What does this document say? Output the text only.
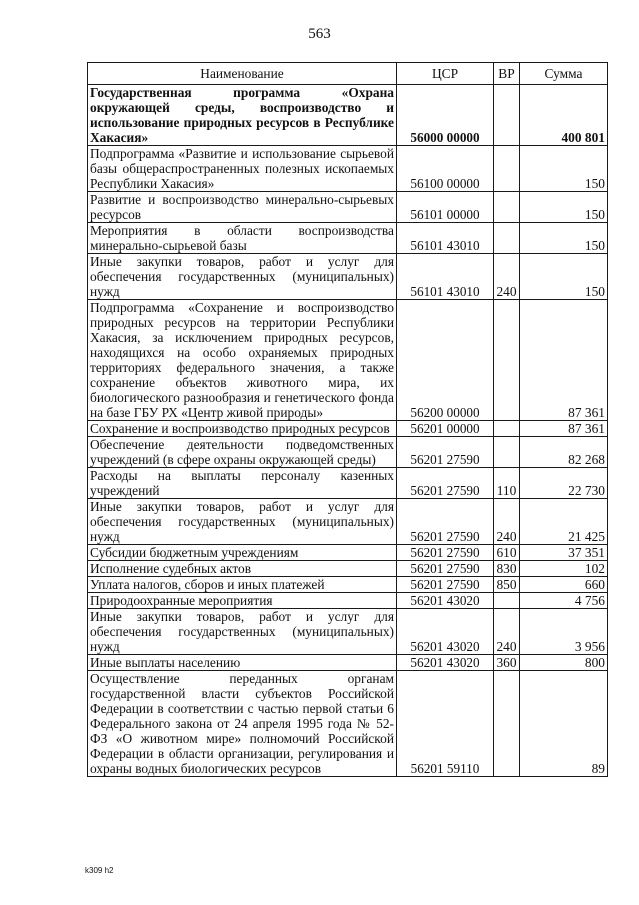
563
Наименование	ЦСР	ВР	Сумма
Государственная программа «Охрана окружающей среды, воспроизводство и использование природных ресурсов в Республике Хакасия»	56000 00000		400 801
Подпрограмма «Развитие и использование сырьевой базы общераспространенных полезных ископаемых Республики Хакасия»	56100 00000		150
Развитие и воспроизводство минерально-сырьевых ресурсов	56101 00000		150
Мероприятия в области воспроизводства минерально-сырьевой базы	56101 43010		150
Иные закупки товаров, работ и услуг для обеспечения государственных (муниципальных) нужд	56101 43010	240	150
Подпрограмма «Сохранение и воспроизводство природных ресурсов на территории Республики Хакасия, за исключением природных ресурсов, находящихся на особо охраняемых природных территориях федерального значения, а также сохранение объектов животного мира, их биологического разнообразия и генетического фонда на базе ГБУ РХ «Центр живой природы»	56200 00000		87 361
Сохранение и воспроизводство природных ресурсов	56201 00000		87 361
Обеспечение деятельности подведомственных учреждений (в сфере охраны окружающей среды)	56201 27590		82 268
Расходы на выплаты персоналу казенных учреждений	56201 27590	110	22 730
Иные закупки товаров, работ и услуг для обеспечения государственных (муниципальных) нужд	56201 27590	240	21 425
Субсидии бюджетным учреждениям	56201 27590	610	37 351
Исполнение судебных актов	56201 27590	830	102
Уплата налогов, сборов и иных платежей	56201 27590	850	660
Природоохранные мероприятия	56201 43020		4 756
Иные закупки товаров, работ и услуг для обеспечения государственных (муниципальных) нужд	56201 43020	240	3 956
Иные выплаты населению	56201 43020	360	800
Осуществление переданных органам государственной власти субъектов Российской Федерации в соответствии с частью первой статьи 6 Федерального закона от 24 апреля 1995 года № 52-ФЗ «О животном мире» полномочий Российской Федерации в области организации, регулирования и охраны водных биологических ресурсов	56201 59110		89
k309 h2
